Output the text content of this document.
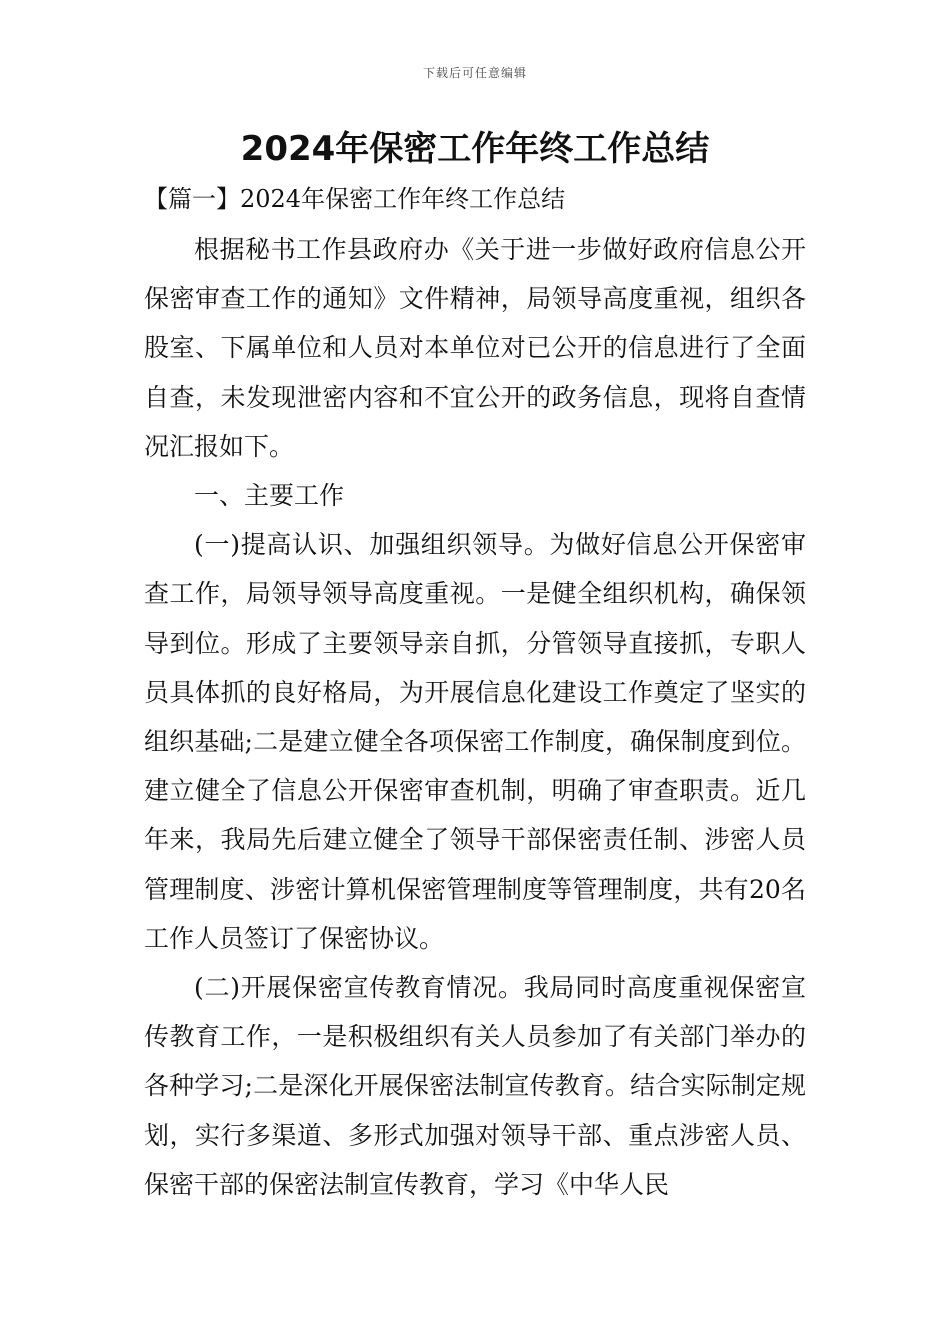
下载后可任意编辑
2024年保密工作年终工作总结
【篇一】2024年保密工作年终工作总结

根据秘书工作县政府办《关于进一步做好政府信息公开保密审查工作的通知》文件精神，局领导高度重视，组织各股室、下属单位和人员对本单位对已公开的信息进行了全面自查，未发现泄密内容和不宜公开的政务信息，现将自查情况汇报如下。

一、主要工作

(一)提高认识、加强组织领导。为做好信息公开保密审查工作，局领导领导高度重视。一是健全组织机构，确保领导到位。形成了主要领导亲自抓，分管领导直接抓，专职人员具体抓的良好格局，为开展信息化建设工作奠定了坚实的组织基础;二是建立健全各项保密工作制度，确保制度到位。建立健全了信息公开保密审查机制，明确了审查职责。近几年来，我局先后建立健全了领导干部保密责任制、涉密人员管理制度、涉密计算机保密管理制度等管理制度，共有20名工作人员签订了保密协议。

(二)开展保密宣传教育情况。我局同时高度重视保密宣传教育工作，一是积极组织有关人员参加了有关部门举办的各种学习;二是深化开展保密法制宣传教育。结合实际制定规划，实行多渠道、多形式加强对领导干部、重点涉密人员、保密干部的保密法制宣传教育，学习《中华人民
